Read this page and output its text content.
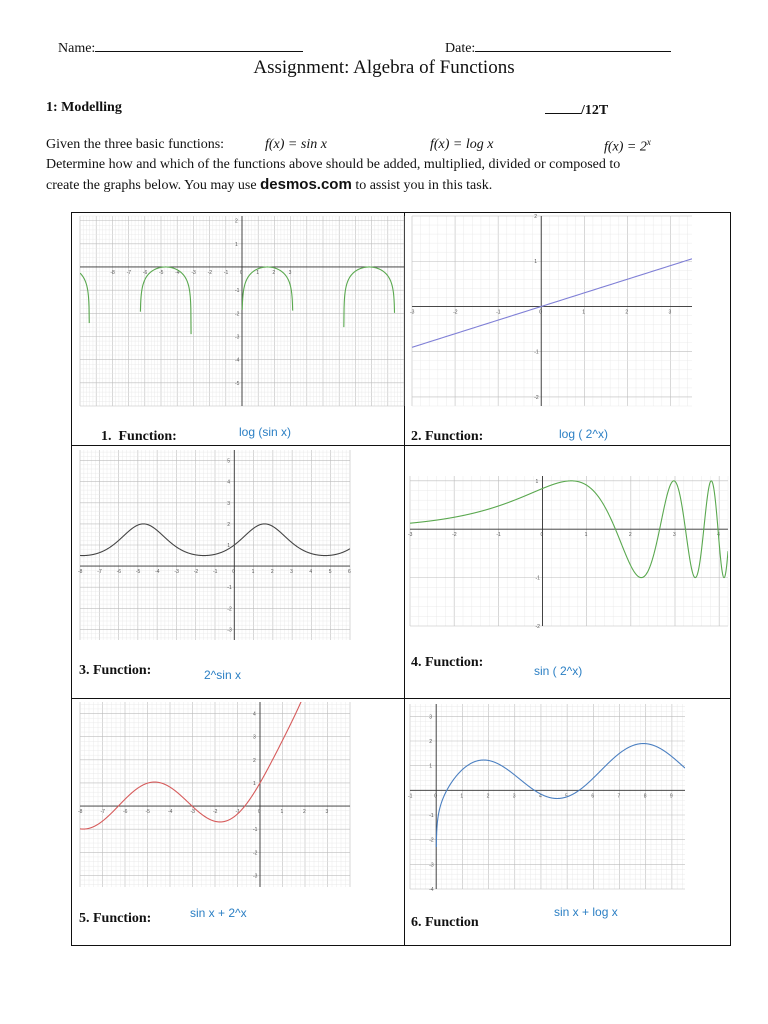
Name:	Date:
Assignment: Algebra of Functions
1: Modelling	/12T
Given the three basic functions:	f(x) = sin x	f(x) = log x	$f(x) = 2^x$
Determine how and which of the functions above should be added, multiplied, divided or composed to
create the graphs below. You may use desmos.com to assist you in this task.
-8 -7 -6 -5 -4 -3 -2 -1 0	1	2	3
2
1
-1
-2
-3
-4
-5
-3	-2	-1	0	1	2	3
2
1
-1
-2
-8	-7	-6	-5	-4	-3	-2	-1	0	1	2	3	4	5	6
5
4
3
2
1
-1
-2
-3
-3	-2	-1	0	1	2	3	4
1
-1
-2
-8	-7	-6	-5	-4	-3	-2	-1	0	1	2	3
4
3
2
1
-1
-2
-3
-1	0	1	2	3	4	5	6	7	8	9
3
2
1
-1
-2
-3
-4
1. Function:	log (sin x)	2. Function:	log ( 2^x)
3. Function:	2^sin x
4. Function:
sin ( 2^x)
5. Function:	sin x + 2^x
6. Function
sin x + log x
